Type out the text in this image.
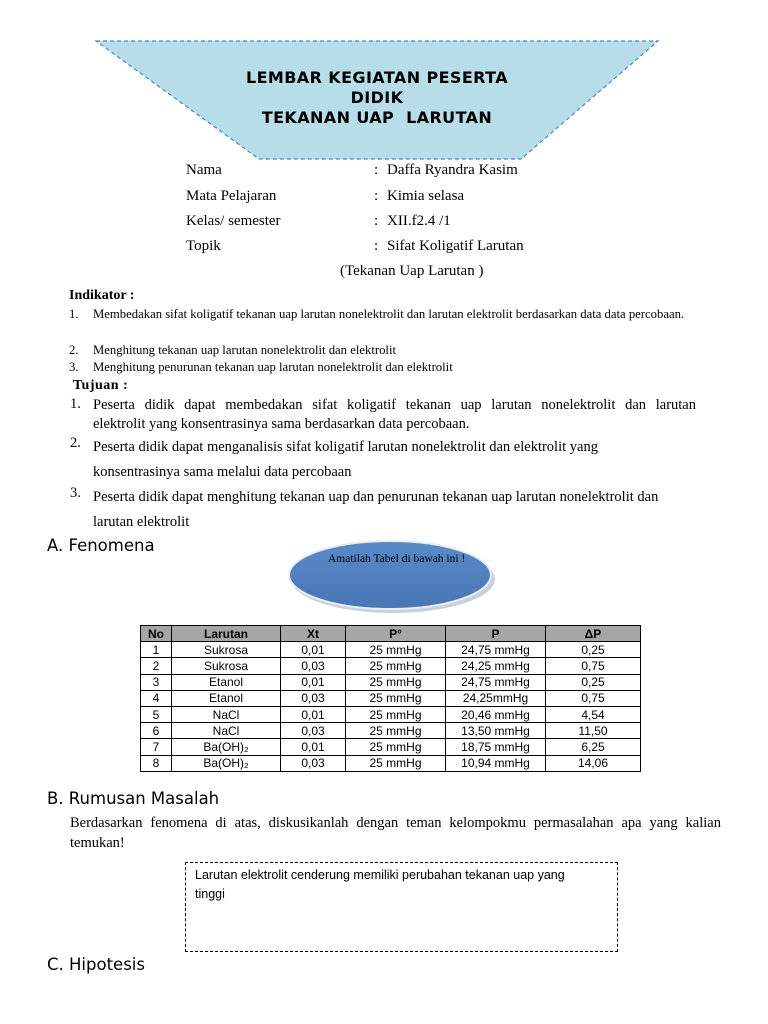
LEMBAR KEGIATAN PESERTA
DIDIK
TEKANAN UAP  LARUTAN
Nama	: Daffa Ryandra Kasim
Mata Pelajaran	: Kimia selasa
Kelas/ semester	: XII.f2.4 /1
Topik	: Sifat Koligatif Larutan
(Tekanan Uap Larutan )
Indikator :
1. Membedakan sifat koligatif tekanan uap larutan nonelektrolit dan larutan elektrolit berdasarkan data data percobaan.
2. Menghitung tekanan uap larutan nonelektrolit dan elektrolit
3. Menghitung penurunan tekanan uap larutan nonelektrolit dan elektrolit
Tujuan :
1. Peserta didik dapat membedakan sifat koligatif tekanan uap larutan nonelektrolit dan larutan
elektrolit yang konsentrasinya sama berdasarkan data percobaan.
2. Peserta didik dapat menganalisis sifat koligatif larutan nonelektrolit dan elektrolit yang
konsentrasinya sama melalui data percobaan
3. Peserta didik dapat menghitung tekanan uap dan penurunan tekanan uap larutan nonelektrolit dan
larutan elektrolit
A. Fenomena
Amatilah Tabel di bawah ini !
No	Larutan	Xt	P°	P	ΔP
1	Sukrosa	0,01	25 mmHg	24,75 mmHg	0,25
2	Sukrosa	0,03	25 mmHg	24,25 mmHg	0,75
3	Etanol	0,01	25 mmHg	24,75 mmHg	0,25
4	Etanol	0,03	25 mmHg	24,25mmHg	0,75
5	NaCl	0,01	25 mmHg	20,46 mmHg	4,54
6	NaCl	0,03	25 mmHg	13,50 mmHg	11,50
7	Ba(OH)₂	0,01	25 mmHg	18,75 mmHg	6,25
8	Ba(OH)₂	0,03	25 mmHg	10,94 mmHg	14,06
B. Rumusan Masalah
Berdasarkan fenomena di atas, diskusikanlah dengan teman kelompokmu permasalahan apa yang kalian temukan!
Larutan elektrolit cenderung memiliki perubahan tekanan uap yang tinggi
C. Hipotesis
